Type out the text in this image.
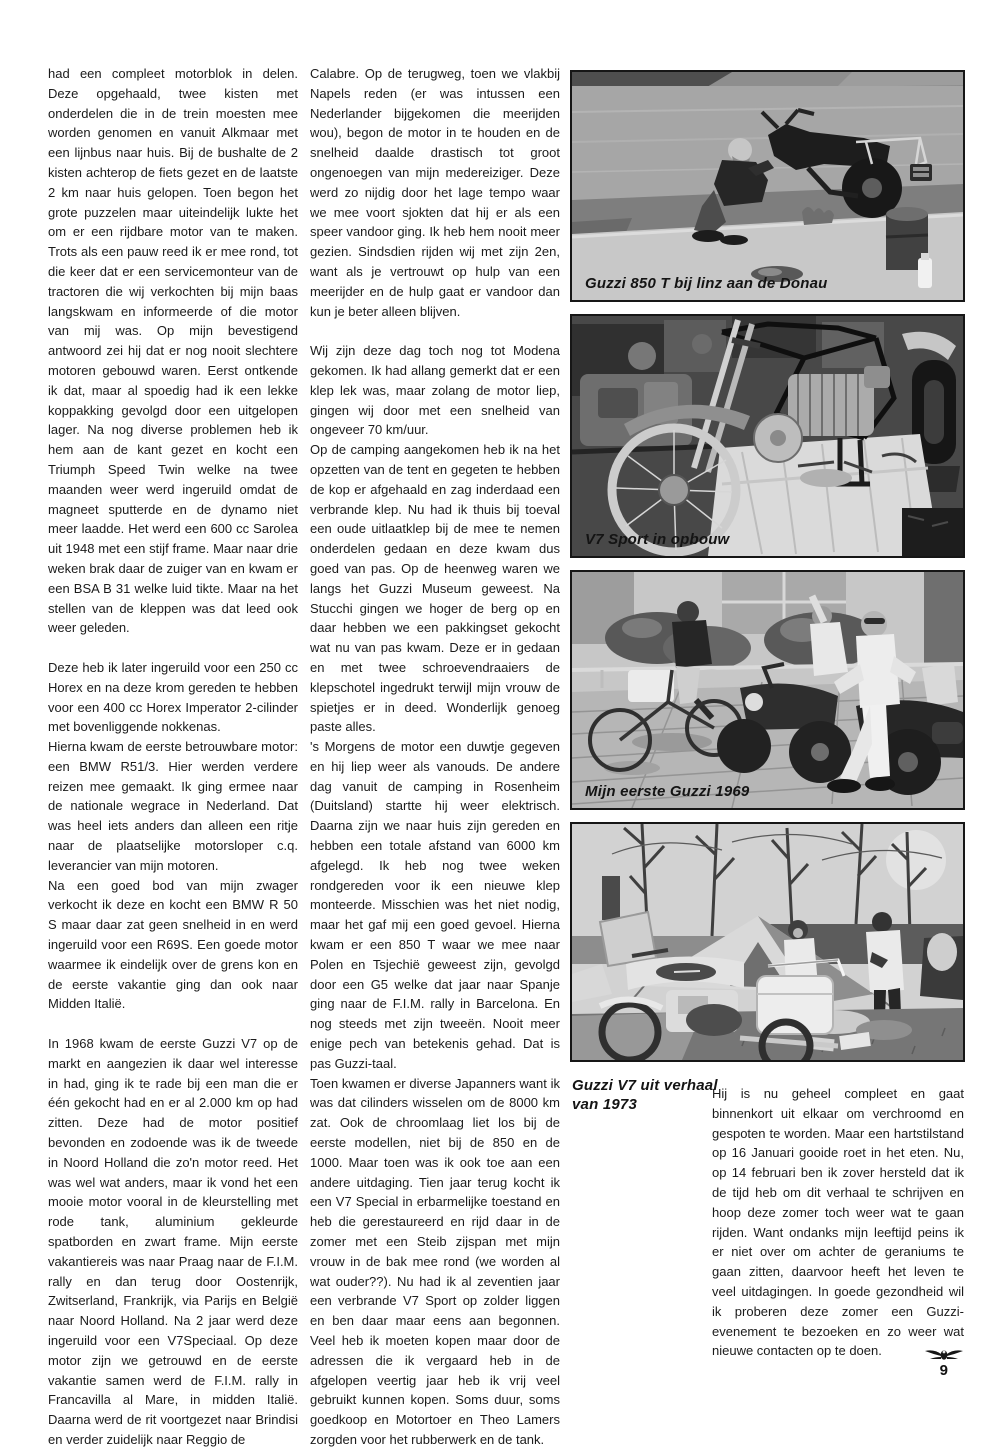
had een compleet motorblok in delen. Deze opgehaald, twee kisten met onderdelen die in de trein moesten mee worden genomen en vanuit Alkmaar met een lijnbus naar huis. Bij de bushalte de 2 kisten achterop de fiets gezet en de laatste 2 km naar huis gelopen. Toen begon het grote puzzelen maar uiteindelijk lukte het om er een rijdbare motor van te maken. Trots als een pauw reed ik er mee rond, tot die keer dat er een servicemonteur van de tractoren die wij verkochten bij mijn baas langskwam en informeerde of die motor van mij was. Op mijn bevestigend antwoord zei hij dat er nog nooit slechtere motoren gebouwd waren. Eerst ontkende ik dat, maar al spoedig had ik een lekke koppakking gevolgd door een uitgelopen lager. Na nog diverse problemen heb ik hem aan de kant gezet en kocht een Triumph Speed Twin welke na twee maanden weer werd ingeruild omdat de magneet sputterde en de dynamo niet meer laadde. Het werd een 600 cc Sarolea uit 1948 met een stijf frame. Maar naar drie weken brak daar de zuiger van en kwam er een BSA B 31 welke luid tikte. Maar na het stellen van de kleppen was dat leed ook weer geleden.

Deze heb ik later ingeruild voor een 250 cc Horex en na deze krom gereden te hebben voor een 400 cc Horex Imperator 2-cilinder met bovenliggende nokkenas.

Hierna kwam de eerste betrouwbare motor: een BMW R51/3. Hier werden verdere reizen mee gemaakt. Ik ging ermee naar de nationale wegrace in Nederland. Dat was heel iets anders dan alleen een ritje naar de plaatselijke motorsloper c.q. leverancier van mijn motoren.

Na een goed bod van mijn zwager verkocht ik deze en kocht een BMW R 50 S maar daar zat geen snelheid in en werd ingeruild voor een R69S. Een goede motor waarmee ik eindelijk over de grens kon en de eerste vakantie ging dan ook naar Midden Italië.

In 1968 kwam de eerste Guzzi V7 op de markt en aangezien ik daar wel interesse in had, ging ik te rade bij een man die er één gekocht had en er al 2.000 km op had zitten. Deze had de motor positief bevonden en zodoende was ik de tweede in Noord Holland die zo'n motor reed. Het was wel wat anders, maar ik vond het een mooie motor vooral in de kleurstelling met rode tank, aluminium gekleurde spatborden en zwart frame. Mijn eerste vakantiereis was naar Praag naar de F.I.M. rally en dan terug door Oostenrijk, Zwitserland, Frankrijk, via Parijs en België naar Noord Holland. Na 2 jaar werd deze ingeruild voor een V7Speciaal. Op deze motor zijn we getrouwd en de eerste vakantie samen werd de F.I.M. rally in Francavilla al Mare, in midden Italië. Daarna werd de rit voortgezet naar Brindisi en verder zuidelijk naar Reggio de

Calabre. Op de terugweg, toen we vlakbij Napels reden (er was intussen een Nederlander bijgekomen die meerijden wou), begon de motor in te houden en de snelheid daalde drastisch tot groot ongenoegen van mijn medereiziger. Deze werd zo nijdig door het lage tempo waar we mee voort sjokten dat hij er als een speer vandoor ging. Ik heb hem nooit meer gezien. Sindsdien rijden wij met zijn 2en, want als je vertrouwt op hulp van een meerijder en de hulp gaat er vandoor dan kun je beter alleen blijven.

Wij zijn deze dag toch nog tot Modena gekomen. Ik had allang gemerkt dat er een klep lek was, maar zolang de motor liep, gingen wij door met een snelheid van ongeveer 70 km/uur.

Op de camping aangekomen heb ik na het opzetten van de tent en gegeten te hebben de kop er afgehaald en zag inderdaad een verbrande klep. Nu had ik thuis bij toeval een oude uitlaatklep bij de mee te nemen onderdelen gedaan en deze kwam dus goed van pas. Op de heenweg waren we langs het Guzzi Museum geweest. Na Stucchi gingen we hoger de berg op en daar hebben we een pakkingset gekocht wat nu van pas kwam. Deze er in gedaan en met twee schroevendraaiers de klepschotel ingedrukt terwijl mijn vrouw de spietjes er in deed. Wonderlijk genoeg paste alles.

's Morgens de motor een duwtje gegeven en hij liep weer als vanouds. De andere dag vanuit de camping in Rosenheim (Duitsland) startte hij weer elektrisch. Daarna zijn we naar huis zijn gereden en hebben een totale afstand van 6000 km afgelegd. Ik heb nog twee weken rondgereden voor ik een nieuwe klep monteerde. Misschien was het niet nodig, maar het gaf mij een goed gevoel. Hierna kwam er een 850 T waar we mee naar Polen en Tsjechië geweest zijn, gevolgd door een G5 welke dat jaar naar Spanje ging naar de F.I.M. rally in Barcelona. En nog steeds met zijn tweeën. Nooit meer enige pech van betekenis gehad. Dat is pas Guzzi-taal.

Toen kwamen er diverse Japanners want ik was dat cilinders wisselen om de 8000 km zat. Ook de chroomlaag liet los bij de eerste modellen, niet bij de 850 en de 1000. Maar toen was ik ook toe aan een andere uitdaging. Tien jaar terug kocht ik een V7 Special in erbarmelijke toestand en heb die gerestaureerd en rijd daar in de zomer met een Steib zijspan met mijn vrouw in de bak mee rond (we worden al wat ouder??). Nu had ik al zeventien jaar een verbrande V7 Sport op zolder liggen en ben daar maar eens aan begonnen. Veel heb ik moeten kopen maar door de adressen die ik vergaard heb in de afgelopen veertig jaar heb ik vrij veel gebruikt kunnen kopen. Soms duur, soms goedkoop en Motortoer en Theo Lamers zorgden voor het rubberwerk en de tank.

Guzzi 850 T bij linz aan de Donau
V7 Sport in opbouw
Mijn eerste Guzzi 1969
Guzzi V7 uit verhaal van 1973

Hij is nu geheel compleet en gaat binnenkort uit elkaar om verchroomd en gespoten te worden. Maar een hartstilstand op 16 Januari gooide roet in het eten. Nu, op 14 februari ben ik zover hersteld dat ik de tijd heb om dit verhaal te schrijven en hoop deze zomer toch weer wat te gaan rijden. Want ondanks mijn leeftijd peins ik er niet over om achter de geraniums te gaan zitten, daarvoor heeft het leven te veel uitdagingen. In goede gezondheid wil ik proberen deze zomer een Guzzi-evenement te bezoeken en zo weer wat nieuwe contacten op te doen.

9
